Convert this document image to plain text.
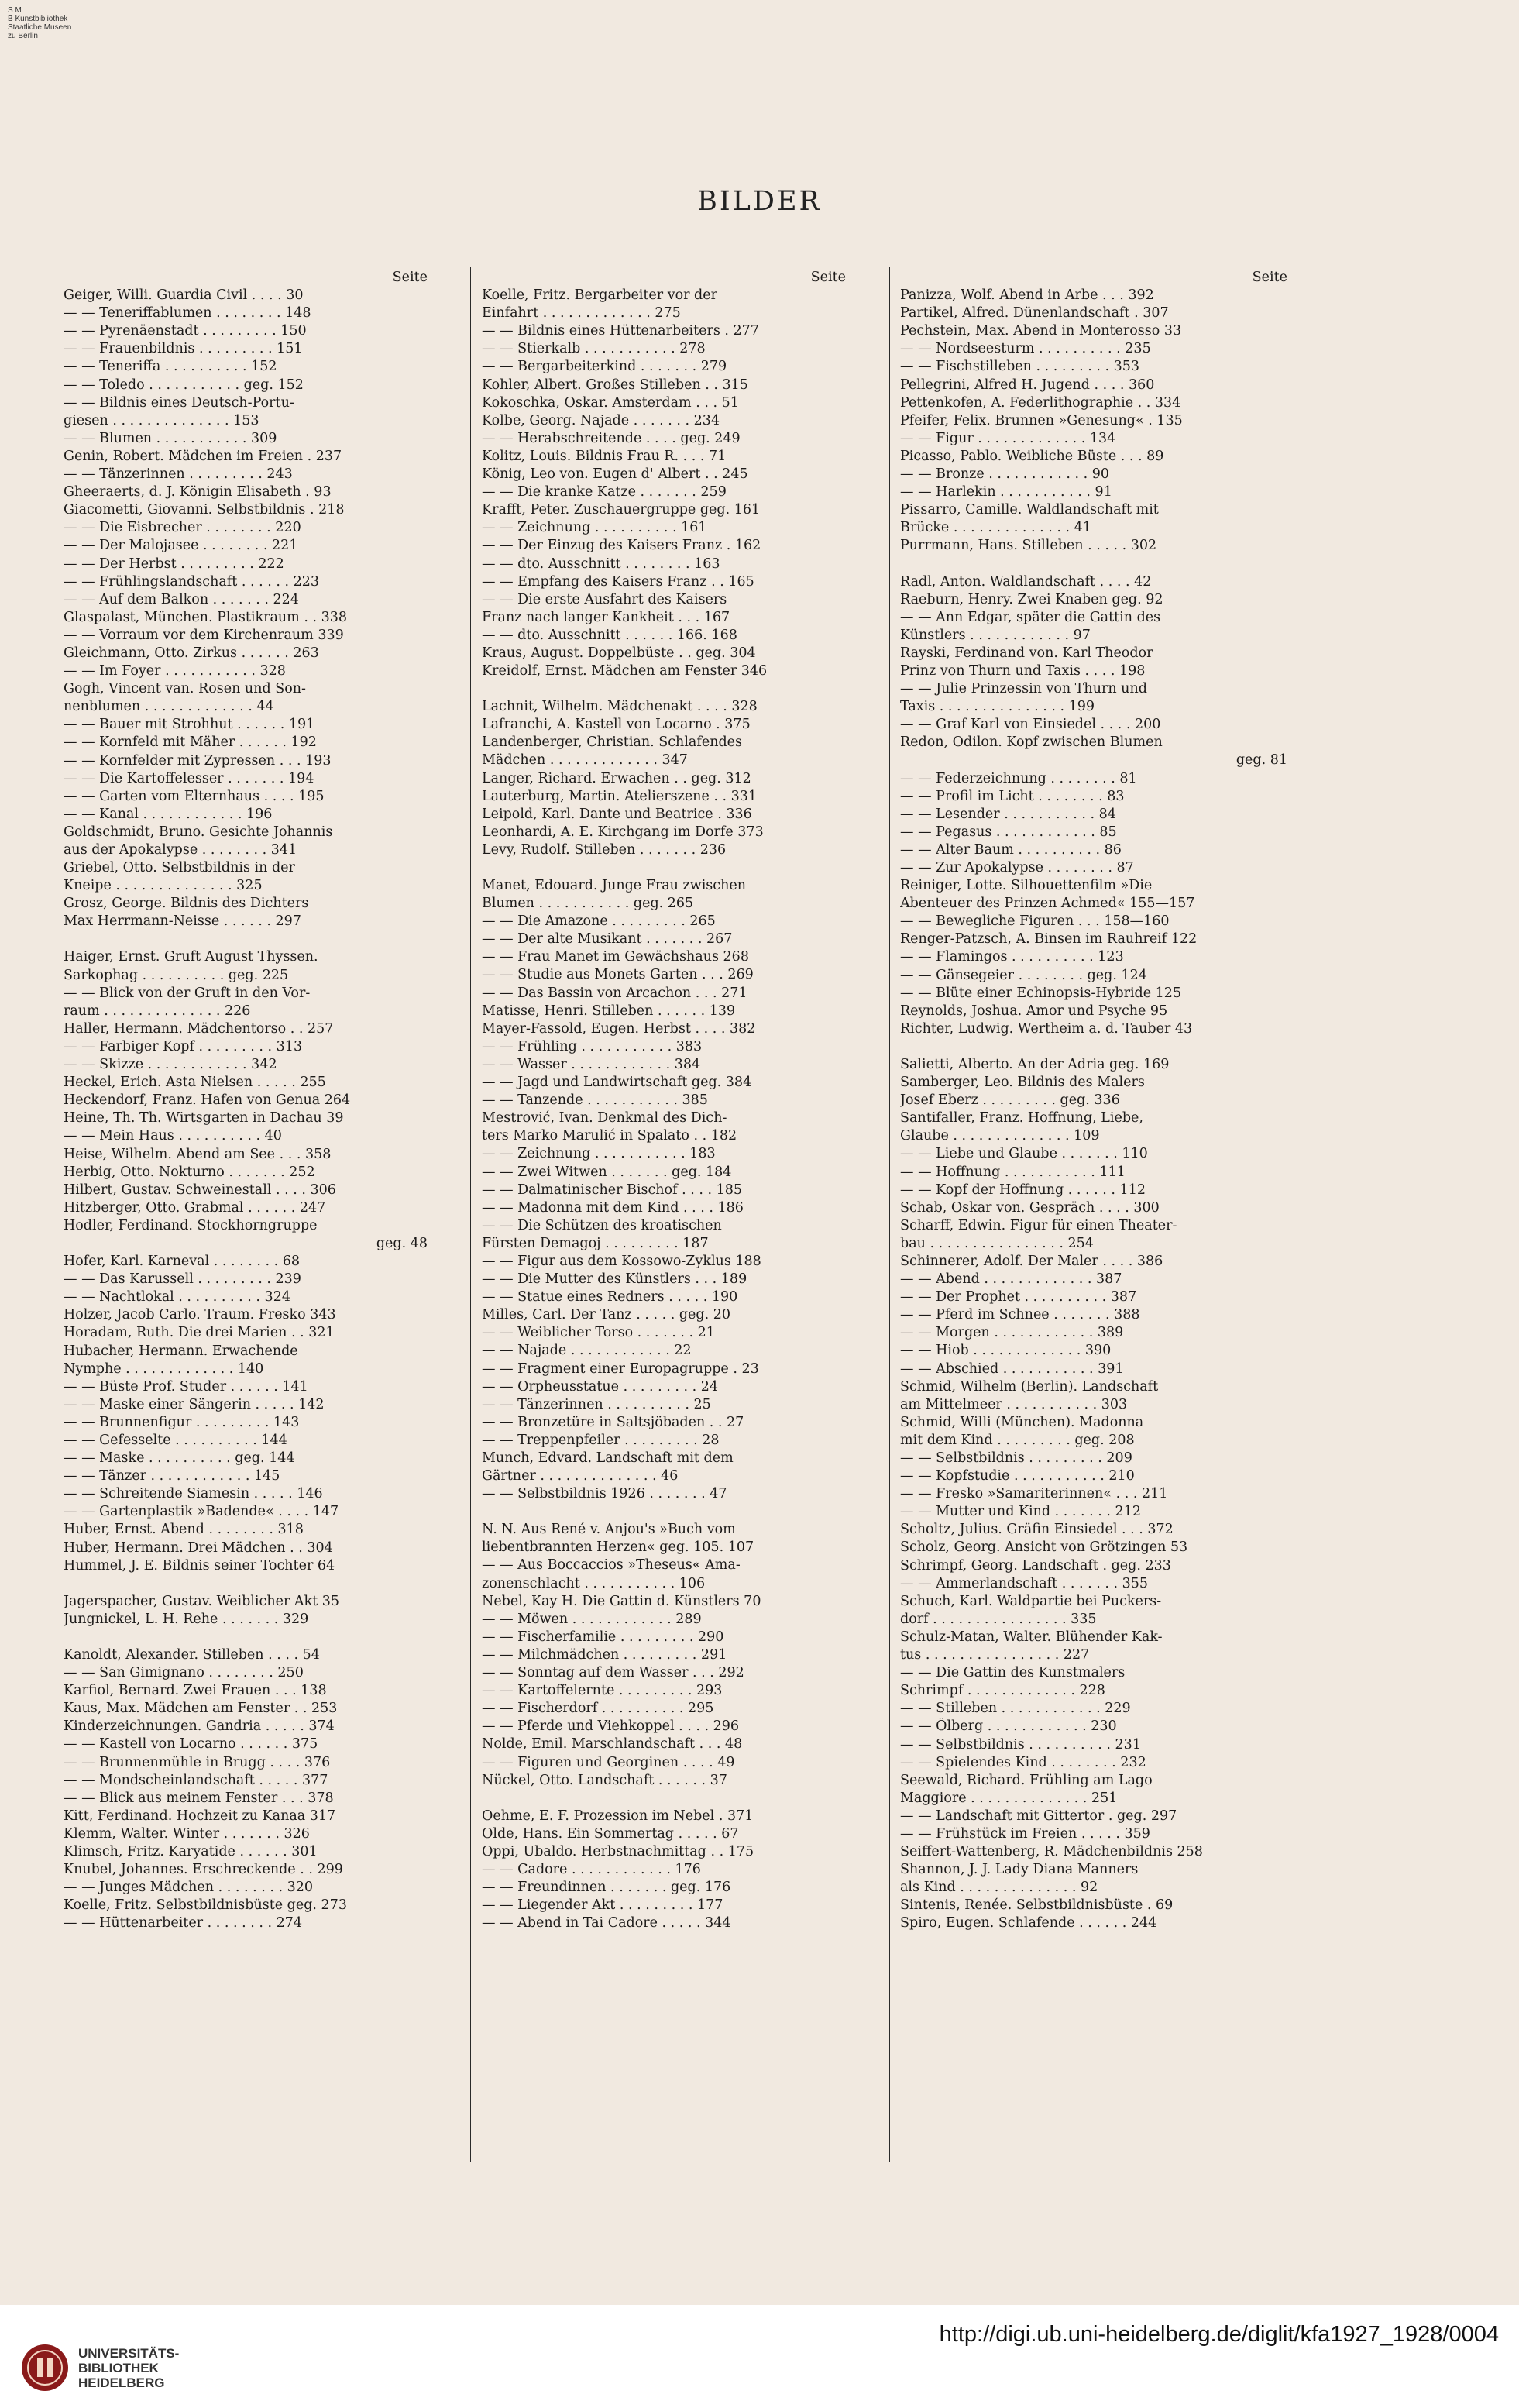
S M
B Kunstbibliothek
Staatliche Museen
zu Berlin
BILDER
Seite
Geiger, Willi. Guardia Civil . . . . 30
— — Teneriffablumen . . . . . . . . 148
— — Pyrenäenstadt . . . . . . . . . 150
— — Frauenbildnis . . . . . . . . . 151
— — Teneriffa . . . . . . . . . . 152
— — Toledo . . . . . . . . . . . geg. 152
— — Bildnis eines Deutsch-Portu-
giesen . . . . . . . . . . . . . . 153
— — Blumen . . . . . . . . . . . 309
Genin, Robert. Mädchen im Freien . 237
— — Tänzerinnen . . . . . . . . . 243
Gheeraerts, d. J. Königin Elisabeth . 93
Giacometti, Giovanni. Selbstbildnis . 218
— — Die Eisbrecher . . . . . . . . 220
— — Der Malojasee . . . . . . . . 221
— — Der Herbst . . . . . . . . . 222
— — Frühlingslandschaft . . . . . . 223
— — Auf dem Balkon . . . . . . . 224
Glaspalast, München. Plastikraum . . 338
— — Vorraum vor dem Kirchenraum 339
Gleichmann, Otto. Zirkus . . . . . . 263
— — Im Foyer . . . . . . . . . . . 328
Gogh, Vincent van. Rosen und Son-
nenblumen . . . . . . . . . . . . . 44
— — Bauer mit Strohhut . . . . . . 191
— — Kornfeld mit Mäher . . . . . . 192
— — Kornfelder mit Zypressen . . . 193
— — Die Kartoffelesser . . . . . . . 194
— — Garten vom Elternhaus . . . . 195
— — Kanal . . . . . . . . . . . . 196
Goldschmidt, Bruno. Gesichte Johannis
aus der Apokalypse . . . . . . . . 341
Griebel, Otto. Selbstbildnis in der
Kneipe . . . . . . . . . . . . . . 325
Grosz, George. Bildnis des Dichters
Max Herrmann-Neisse . . . . . . 297
Haiger, Ernst. Gruft August Thyssen.
Sarkophag . . . . . . . . . . geg. 225
— — Blick von der Gruft in den Vor-
raum . . . . . . . . . . . . . . 226
Haller, Hermann. Mädchentorso . . 257
— — Farbiger Kopf . . . . . . . . . 313
— — Skizze . . . . . . . . . . . . 342
Heckel, Erich. Asta Nielsen . . . . . 255
Heckendorf, Franz. Hafen von Genua 264
Heine, Th. Th. Wirtsgarten in Dachau 39
— — Mein Haus . . . . . . . . . . 40
Heise, Wilhelm. Abend am See . . . 358
Herbig, Otto. Nokturno . . . . . . . 252
Hilbert, Gustav. Schweinestall . . . . 306
Hitzberger, Otto. Grabmal . . . . . . 247
Hodler, Ferdinand. Stockhorngruppe
geg. 48
Hofer, Karl. Karneval . . . . . . . . 68
— — Das Karussell . . . . . . . . . 239
— — Nachtlokal . . . . . . . . . . 324
Holzer, Jacob Carlo. Traum. Fresko 343
Horadam, Ruth. Die drei Marien . . 321
Hubacher, Hermann. Erwachende
Nymphe . . . . . . . . . . . . . 140
— — Büste Prof. Studer . . . . . . 141
— — Maske einer Sängerin . . . . . 142
— — Brunnenfigur . . . . . . . . . 143
— — Gefesselte . . . . . . . . . . 144
— — Maske . . . . . . . . . . geg. 144
— — Tänzer . . . . . . . . . . . . 145
— — Schreitende Siamesin . . . . . 146
— — Gartenplastik »Badende« . . . . 147
Huber, Ernst. Abend . . . . . . . . 318
Huber, Hermann. Drei Mädchen . . 304
Hummel, J. E. Bildnis seiner Tochter 64
Jagerspacher, Gustav. Weiblicher Akt 35
Jungnickel, L. H. Rehe . . . . . . . 329
Kanoldt, Alexander. Stilleben . . . . 54
— — San Gimignano . . . . . . . . 250
Karfiol, Bernard. Zwei Frauen . . . 138
Kaus, Max. Mädchen am Fenster . . 253
Kinderzeichnungen. Gandria . . . . . 374
— — Kastell von Locarno . . . . . . 375
— — Brunnenmühle in Brugg . . . . 376
— — Mondscheinlandschaft . . . . . 377
— — Blick aus meinem Fenster . . . 378
Kitt, Ferdinand. Hochzeit zu Kanaa 317
Klemm, Walter. Winter . . . . . . . 326
Klimsch, Fritz. Karyatide . . . . . . 301
Knubel, Johannes. Erschreckende . . 299
— — Junges Mädchen . . . . . . . . 320
Koelle, Fritz. Selbstbildnisbüste geg. 273
— — Hüttenarbeiter . . . . . . . . 274
Seite
Koelle, Fritz. Bergarbeiter vor der
Einfahrt . . . . . . . . . . . . . 275
— — Bildnis eines Hüttenarbeiters . 277
— — Stierkalb . . . . . . . . . . . 278
— — Bergarbeiterkind . . . . . . . 279
Kohler, Albert. Großes Stilleben . . 315
Kokoschka, Oskar. Amsterdam . . . 51
Kolbe, Georg. Najade . . . . . . . 234
— — Herabschreitende . . . . geg. 249
Kolitz, Louis. Bildnis Frau R. . . . 71
König, Leo von. Eugen d' Albert . . 245
— — Die kranke Katze . . . . . . . 259
Krafft, Peter. Zuschauergruppe geg. 161
— — Zeichnung . . . . . . . . . . 161
— — Der Einzug des Kaisers Franz . 162
— — dto. Ausschnitt . . . . . . . . 163
— — Empfang des Kaisers Franz . . 165
— — Die erste Ausfahrt des Kaisers
Franz nach langer Kankheit . . . 167
— — dto. Ausschnitt . . . . . . 166. 168
Kraus, August. Doppelbüste . . geg. 304
Kreidolf, Ernst. Mädchen am Fenster 346
Lachnit, Wilhelm. Mädchenakt . . . . 328
Lafranchi, A. Kastell von Locarno . 375
Landenberger, Christian. Schlafendes
Mädchen . . . . . . . . . . . . . 347
Langer, Richard. Erwachen . . geg. 312
Lauterburg, Martin. Atelierszene . . 331
Leipold, Karl. Dante und Beatrice . 336
Leonhardi, A. E. Kirchgang im Dorfe 373
Levy, Rudolf. Stilleben . . . . . . . 236
Manet, Edouard. Junge Frau zwischen
Blumen . . . . . . . . . . . geg. 265
— — Die Amazone . . . . . . . . . 265
— — Der alte Musikant . . . . . . . 267
— — Frau Manet im Gewächshaus 268
— — Studie aus Monets Garten . . . 269
— — Das Bassin von Arcachon . . . 271
Matisse, Henri. Stilleben . . . . . . 139
Mayer-Fassold, Eugen. Herbst . . . . 382
— — Frühling . . . . . . . . . . . 383
— — Wasser . . . . . . . . . . . . 384
— — Jagd und Landwirtschaft geg. 384
— — Tanzende . . . . . . . . . . . 385
Mestrović, Ivan. Denkmal des Dich-
ters Marko Marulić in Spalato . . 182
— — Zeichnung . . . . . . . . . . . 183
— — Zwei Witwen . . . . . . . geg. 184
— — Dalmatinischer Bischof . . . . 185
— — Madonna mit dem Kind . . . . 186
— — Die Schützen des kroatischen
Fürsten Demagoj . . . . . . . . . 187
— — Figur aus dem Kossowo-Zyklus 188
— — Die Mutter des Künstlers . . . 189
— — Statue eines Redners . . . . . 190
Milles, Carl. Der Tanz . . . . . geg. 20
— — Weiblicher Torso . . . . . . . 21
— — Najade . . . . . . . . . . . . 22
— — Fragment einer Europagruppe . 23
— — Orpheusstatue . . . . . . . . . 24
— — Tänzerinnen . . . . . . . . . . 25
— — Bronzetüre in Saltsjöbaden . . 27
— — Treppenpfeiler . . . . . . . . . 28
Munch, Edvard. Landschaft mit dem
Gärtner . . . . . . . . . . . . . . 46
— — Selbstbildnis 1926 . . . . . . . 47
N. N. Aus René v. Anjou's »Buch vom
liebentbrannten Herzen« geg. 105. 107
— — Aus Boccaccios »Theseus« Ama-
zonenschlacht . . . . . . . . . . . 106
Nebel, Kay H. Die Gattin d. Künstlers 70
— — Möwen . . . . . . . . . . . . 289
— — Fischerfamilie . . . . . . . . . 290
— — Milchmädchen . . . . . . . . . 291
— — Sonntag auf dem Wasser . . . 292
— — Kartoffelernte . . . . . . . . . 293
— — Fischerdorf . . . . . . . . . . 295
— — Pferde und Viehkoppel . . . . 296
Nolde, Emil. Marschlandschaft . . . 48
— — Figuren und Georginen . . . . 49
Nückel, Otto. Landschaft . . . . . . 37
Oehme, E. F. Prozession im Nebel . 371
Olde, Hans. Ein Sommertag . . . . . 67
Oppi, Ubaldo. Herbstnachmittag . . 175
— — Cadore . . . . . . . . . . . . 176
— — Freundinnen . . . . . . . geg. 176
— — Liegender Akt . . . . . . . . . 177
— — Abend in Tai Cadore . . . . . 344
Seite
Panizza, Wolf. Abend in Arbe . . . 392
Partikel, Alfred. Dünenlandschaft . 307
Pechstein, Max. Abend in Monterosso 33
— — Nordseesturm . . . . . . . . . . 235
— — Fischstilleben . . . . . . . . . 353
Pellegrini, Alfred H. Jugend . . . . 360
Pettenkofen, A. Federlithographie . . 334
Pfeifer, Felix. Brunnen »Genesung« . 135
— — Figur . . . . . . . . . . . . . 134
Picasso, Pablo. Weibliche Büste . . . 89
— — Bronze . . . . . . . . . . . . 90
— — Harlekin . . . . . . . . . . . 91
Pissarro, Camille. Waldlandschaft mit
Brücke . . . . . . . . . . . . . . 41
Purrmann, Hans. Stilleben . . . . . 302
Radl, Anton. Waldlandschaft . . . . 42
Raeburn, Henry. Zwei Knaben geg. 92
— — Ann Edgar, später die Gattin des
Künstlers . . . . . . . . . . . . 97
Rayski, Ferdinand von. Karl Theodor
Prinz von Thurn und Taxis . . . . 198
— — Julie Prinzessin von Thurn und
Taxis . . . . . . . . . . . . . . . 199
— — Graf Karl von Einsiedel . . . . 200
Redon, Odilon. Kopf zwischen Blumen
geg. 81
— — Federzeichnung . . . . . . . . 81
— — Profil im Licht . . . . . . . . 83
— — Lesender . . . . . . . . . . . 84
— — Pegasus . . . . . . . . . . . . 85
— — Alter Baum . . . . . . . . . . 86
— — Zur Apokalypse . . . . . . . . 87
Reiniger, Lotte. Silhouettenfilm »Die
Abenteuer des Prinzen Achmed« 155—157
— — Bewegliche Figuren . . . 158—160
Renger-Patzsch, A. Binsen im Rauhreif 122
— — Flamingos . . . . . . . . . . 123
— — Gänsegeier . . . . . . . . geg. 124
— — Blüte einer Echinopsis-Hybride 125
Reynolds, Joshua. Amor und Psyche 95
Richter, Ludwig. Wertheim a. d. Tauber 43
Salietti, Alberto. An der Adria geg. 169
Samberger, Leo. Bildnis des Malers
Josef Eberz . . . . . . . . . geg. 336
Santifaller, Franz. Hoffnung, Liebe,
Glaube . . . . . . . . . . . . . . 109
— — Liebe und Glaube . . . . . . . 110
— — Hoffnung . . . . . . . . . . . 111
— — Kopf der Hoffnung . . . . . . 112
Schab, Oskar von. Gespräch . . . . 300
Scharff, Edwin. Figur für einen Theater-
bau . . . . . . . . . . . . . . . . 254
Schinnerer, Adolf. Der Maler . . . . 386
— — Abend . . . . . . . . . . . . . 387
— — Der Prophet . . . . . . . . . . 387
— — Pferd im Schnee . . . . . . . 388
— — Morgen . . . . . . . . . . . . 389
— — Hiob . . . . . . . . . . . . . 390
— — Abschied . . . . . . . . . . . 391
Schmid, Wilhelm (Berlin). Landschaft
am Mittelmeer . . . . . . . . . . . 303
Schmid, Willi (München). Madonna
mit dem Kind . . . . . . . . . geg. 208
— — Selbstbildnis . . . . . . . . . 209
— — Kopfstudie . . . . . . . . . . . 210
— — Fresko »Samariterinnen« . . . 211
— — Mutter und Kind . . . . . . . 212
Scholtz, Julius. Gräfin Einsiedel . . . 372
Scholz, Georg. Ansicht von Grötzingen 53
Schrimpf, Georg. Landschaft . geg. 233
— — Ammerlandschaft . . . . . . . 355
Schuch, Karl. Waldpartie bei Puckers-
dorf . . . . . . . . . . . . . . . . 335
Schulz-Matan, Walter. Blühender Kak-
tus . . . . . . . . . . . . . . . . 227
— — Die Gattin des Kunstmalers
Schrimpf . . . . . . . . . . . . . 228
— — Stilleben . . . . . . . . . . . . 229
— — Ölberg . . . . . . . . . . . . 230
— — Selbstbildnis . . . . . . . . . . 231
— — Spielendes Kind . . . . . . . . 232
Seewald, Richard. Frühling am Lago
Maggiore . . . . . . . . . . . . . . 251
— — Landschaft mit Gittertor . geg. 297
— — Frühstück im Freien . . . . . 359
Seiffert-Wattenberg, R. Mädchenbildnis 258
Shannon, J. J. Lady Diana Manners
als Kind . . . . . . . . . . . . . . 92
Sintenis, Renée. Selbstbildnisbüste . 69
Spiro, Eugen. Schlafende . . . . . . 244
UNIVERSITÄTS-
BIBLIOTHEK
HEIDELBERG
http://digi.ub.uni-heidelberg.de/diglit/kfa1927_1928/0004
